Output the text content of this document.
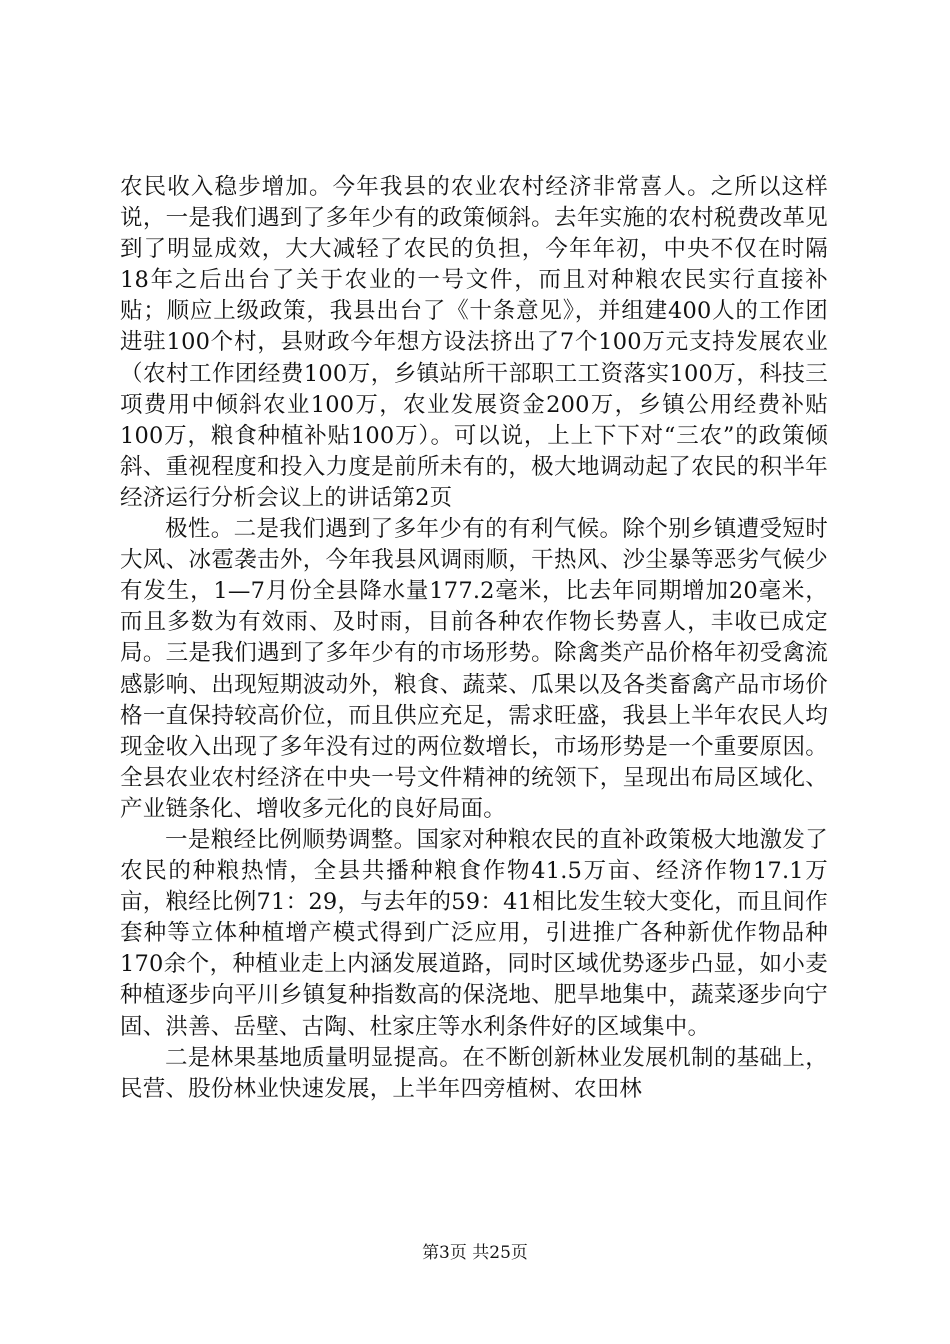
农民收入稳步增加。今年我县的农业农村经济非常喜人。之所以这样说，一是我们遇到了多年少有的政策倾斜。去年实施的农村税费改革见到了明显成效，大大减轻了农民的负担，今年年初，中央不仅在时隔18年之后出台了关于农业的一号文件，而且对种粮农民实行直接补贴；顺应上级政策，我县出台了《十条意见》，并组建400人的工作团进驻100个村，县财政今年想方设法挤出了7个100万元支持发展农业（农村工作团经费100万，乡镇站所干部职工工资落实100万，科技三项费用中倾斜农业100万，农业发展资金200万，乡镇公用经费补贴100万，粮食种植补贴100万）。可以说，上上下下对“三农”的政策倾斜、重视程度和投入力度是前所未有的，极大地调动起了农民的积半年经济运行分析会议上的讲话第2页

极性。二是我们遇到了多年少有的有利气候。除个别乡镇遭受短时大风、冰雹袭击外，今年我县风调雨顺，干热风、沙尘暴等恶劣气候少有发生，1—7月份全县降水量177.2毫米，比去年同期增加20毫米，而且多数为有效雨、及时雨，目前各种农作物长势喜人，丰收已成定局。三是我们遇到了多年少有的市场形势。除禽类产品价格年初受禽流感影响、出现短期波动外，粮食、蔬菜、瓜果以及各类畜禽产品市场价格一直保持较高价位，而且供应充足，需求旺盛，我县上半年农民人均现金收入出现了多年没有过的两位数增长，市场形势是一个重要原因。全县农业农村经济在中央一号文件精神的统领下，呈现出布局区域化、产业链条化、增收多元化的良好局面。

一是粮经比例顺势调整。国家对种粮农民的直补政策极大地激发了农民的种粮热情，全县共播种粮食作物41.5万亩、经济作物17.1万亩，粮经比例71：29，与去年的59：41相比发生较大变化，而且间作套种等立体种植增产模式得到广泛应用，引进推广各种新优作物品种170余个，种植业走上内涵发展道路，同时区域优势逐步凸显，如小麦种植逐步向平川乡镇复种指数高的保浇地、肥旱地集中，蔬菜逐步向宁固、洪善、岳壁、古陶、杜家庄等水利条件好的区域集中。

二是林果基地质量明显提高。在不断创新林业发展机制的基础上，民营、股份林业快速发展，上半年四旁植树、农田林

第3页 共25页
